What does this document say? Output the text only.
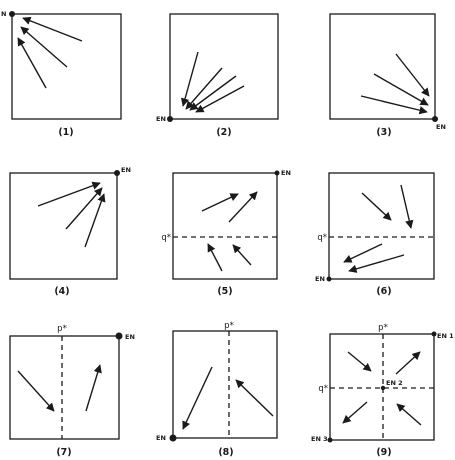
N
(1)
EN
(2)	EN
(3)
EN
(4)
q*
EN
(5)
q*
EN
(6)
p*
EN
(7)
p*
EN
(8)
p*
q*
EN 1
EN 2
EN 3
(9)
